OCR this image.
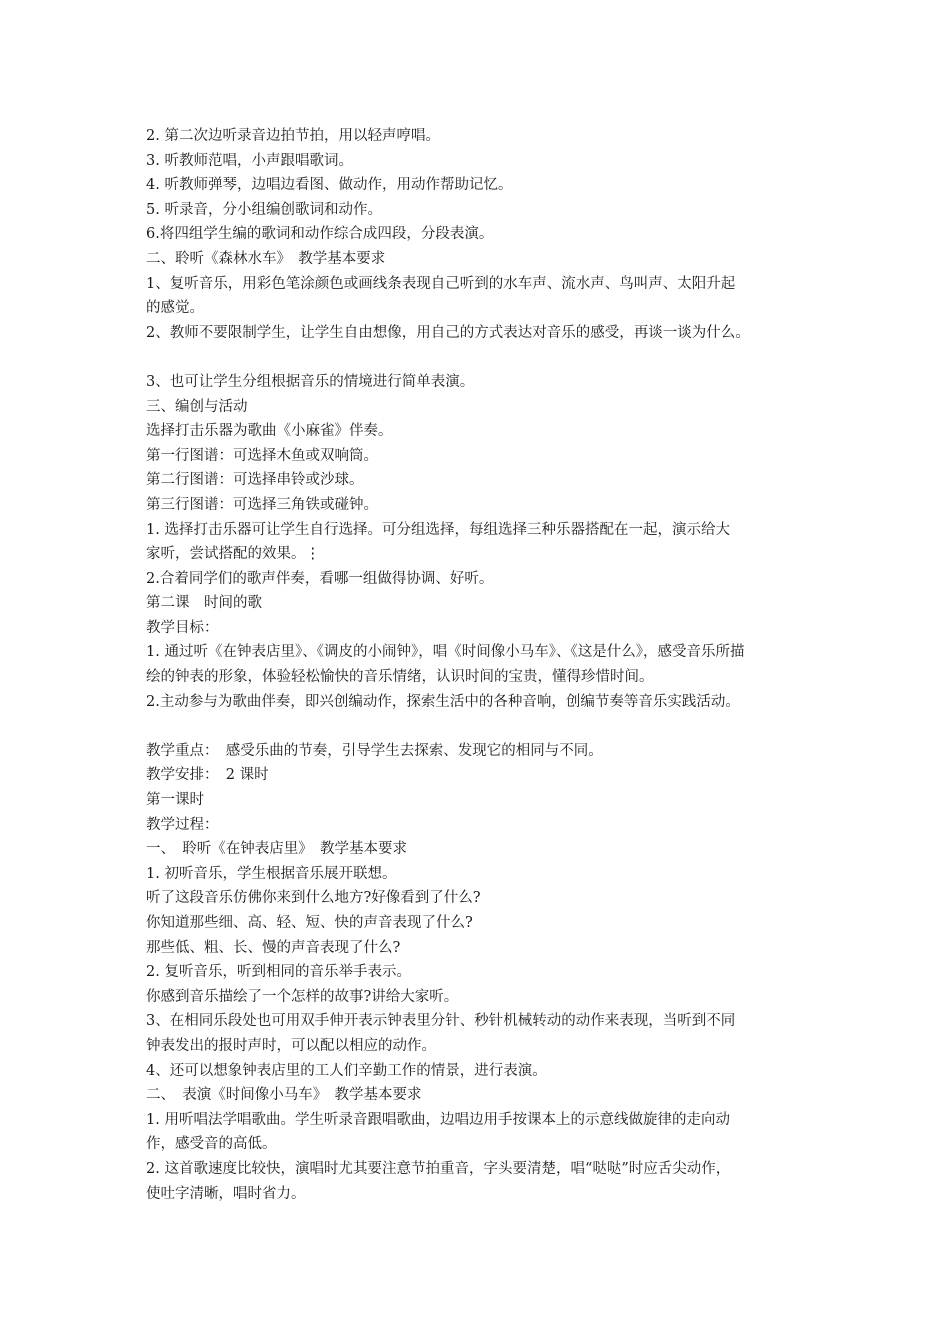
2. 第二次边听录音边拍节拍，用以轻声哼唱。
3. 听教师范唱，小声跟唱歌词。
4. 听教师弹琴，边唱边看图、做动作，用动作帮助记忆。
5. 听录音，分小组编创歌词和动作。
6.将四组学生编的歌词和动作综合成四段，分段表演。
二、聆听《森林水车》　教学基本要求
1、复听音乐，用彩色笔涂颜色或画线条表现自己听到的水车声、流水声、鸟叫声、太阳升起
的感觉。
2、教师不要限制学生，让学生自由想像，用自己的方式表达对音乐的感受，再谈一谈为什么。
3、也可让学生分组根据音乐的情境进行简单表演。
三、编创与活动
选择打击乐器为歌曲《小麻雀》伴奏。
第一行图谱：可选择木鱼或双响筒。
第二行图谱：可选择串铃或沙球。
第三行图谱：可选择三角铁或碰钟。
1. 选择打击乐器可让学生自行选择。可分组选择，每组选择三种乐器搭配在一起，演示给大
家听，尝试搭配的效果。⋮
2.合着同学们的歌声伴奏，看哪一组做得协调、好听。
第二课　时间的歌
教学目标：
1. 通过听《在钟表店里》、《调皮的小闹钟》，唱《时间像小马车》、《这是什么》，感受音乐所描
绘的钟表的形象，体验轻松愉快的音乐情绪，认识时间的宝贵，懂得珍惜时间。
2.主动参与为歌曲伴奏，即兴创编动作，探索生活中的各种音响，创编节奏等音乐实践活动。
教学重点：　感受乐曲的节奏，引导学生去探索、发现它的相同与不同。
教学安排：　2 课时
第一课时
教学过程：
一、　聆听《在钟表店里》　教学基本要求
1. 初听音乐，学生根据音乐展开联想。
听了这段音乐仿佛你来到什么地方?好像看到了什么?
你知道那些细、高、轻、短、快的声音表现了什么?
那些低、粗、长、慢的声音表现了什么?
2. 复听音乐，听到相同的音乐举手表示。
你感到音乐描绘了一个怎样的故事?讲给大家听。
3、在相同乐段处也可用双手伸开表示钟表里分针、秒针机械转动的动作来表现，当听到不同
钟表发出的报时声时，可以配以相应的动作。
4、还可以想象钟表店里的工人们辛勤工作的情景，进行表演。
二、　表演《时间像小马车》　教学基本要求
1. 用听唱法学唱歌曲。学生听录音跟唱歌曲，边唱边用手按课本上的示意线做旋律的走向动
作，感受音的高低。
2. 这首歌速度比较快，演唱时尤其要注意节拍重音，字头要清楚，唱“哒哒”时应舌尖动作，
使吐字清晰，唱时省力。
